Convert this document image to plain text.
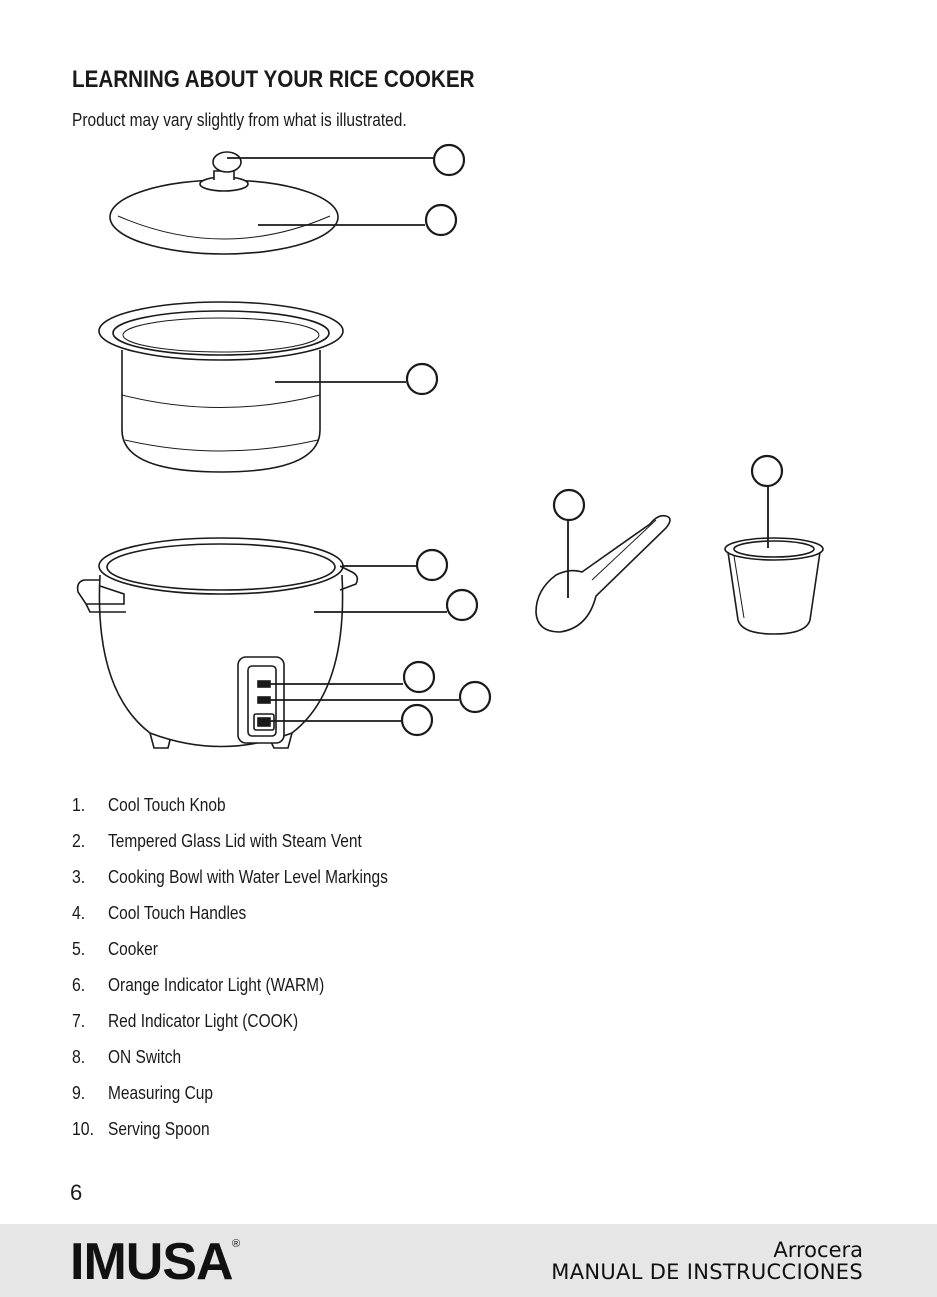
LEARNING ABOUT YOUR RICE COOKER
Product may vary slightly from what is illustrated.
1.	Cool Touch Knob
2.	Tempered Glass Lid with Steam Vent
3.	Cooking Bowl with Water Level Markings
4.	Cool Touch Handles
5.	Cooker
6.	Orange Indicator Light (WARM)
7.	Red Indicator Light (COOK)
8.	ON Switch
9.	Measuring Cup
10. Serving Spoon
6
IMUSA ®	Arrocera
MANUAL DE INSTRUCCIONES
